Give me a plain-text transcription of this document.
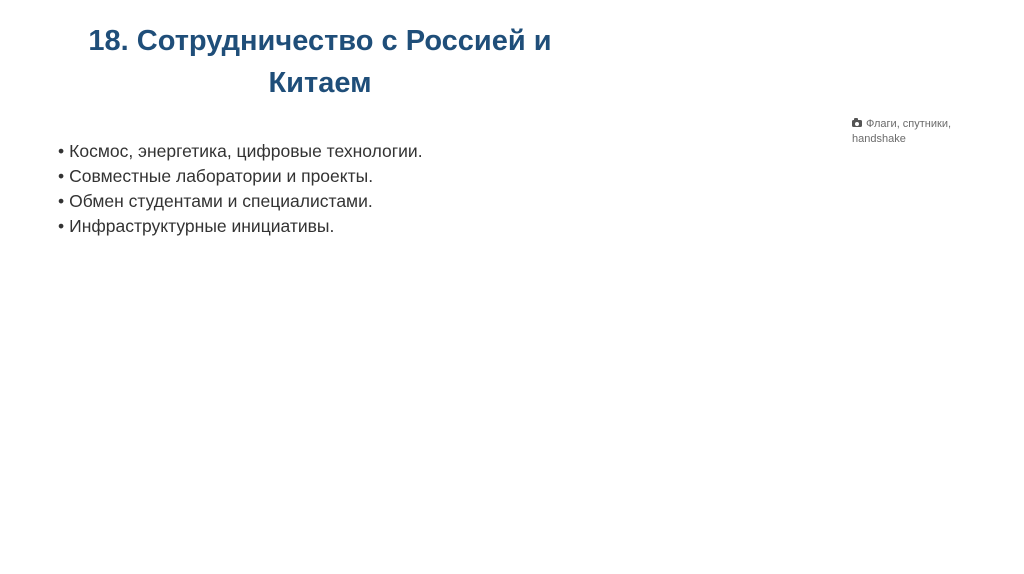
18. Сотрудничество с Россией и
Китаем
• Космос, энергетика, цифровые технологии.
• Совместные лаборатории и проекты.
• Обмен студентами и специалистами.
• Инфраструктурные инициативы.
Флаги, спутники,
handshake
